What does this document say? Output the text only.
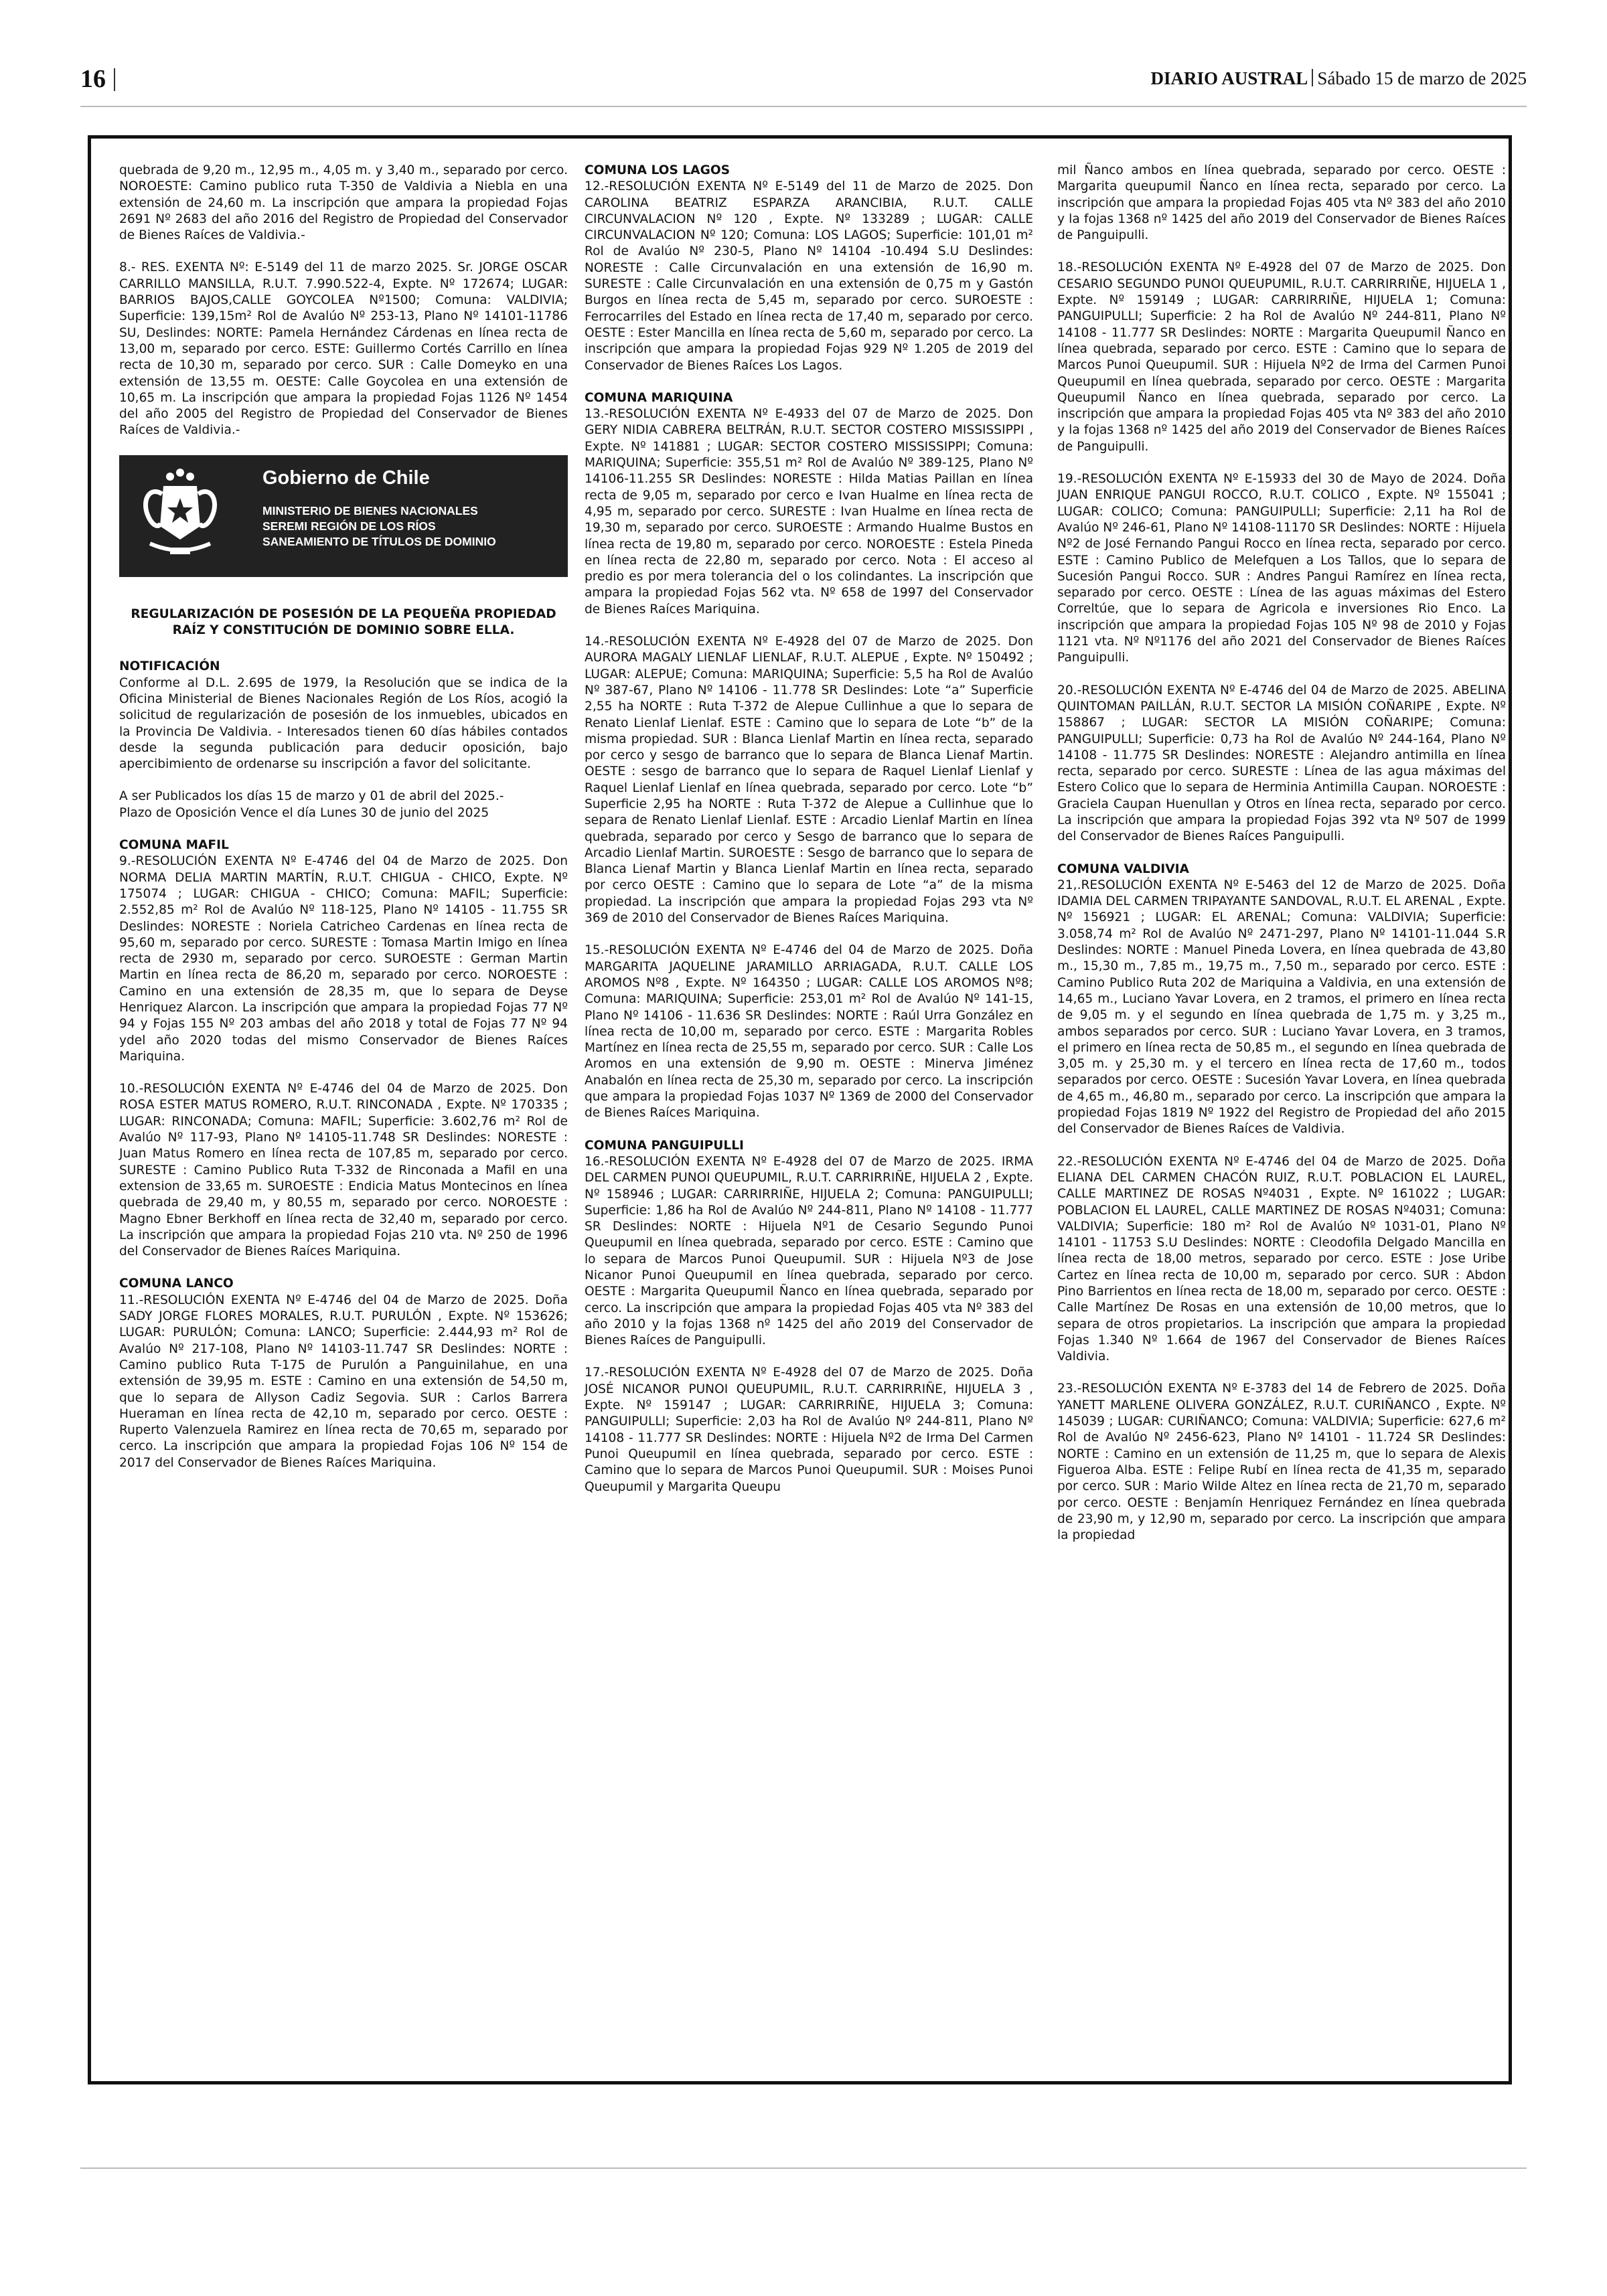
16	DIARIO AUSTRAL Sábado 15 de marzo de 2025

quebrada de 9,20 m., 12,95 m., 4,05 m. y 3,40 m., separado por cerco. NOROESTE: Camino publico ruta T-350 de Valdivia a Niebla en una extensión de 24,60 m. La inscripción que ampara la propiedad Fojas 2691 Nº 2683 del año 2016 del Registro de Propiedad del Conservador de Bienes Raíces de Valdivia.-

8.- RES. EXENTA Nº: E-5149 del 11 de marzo 2025. Sr. JORGE OSCAR CARRILLO MANSILLA, R.U.T. 7.990.522-4, Expte. Nº 172674; LUGAR: BARRIOS BAJOS,CALLE GOYCOLEA Nº1500; Comuna: VALDIVIA; Superficie: 139,15m² Rol de Avalúo Nº 253-13, Plano Nº 14101-11786 SU, Deslindes: NORTE: Pamela Hernández Cárdenas en línea recta de 13,00 m, separado por cerco. ESTE: Guillermo Cortés Carrillo en línea recta de 10,30 m, separado por cerco. SUR : Calle Domeyko en una extensión de 13,55 m. OESTE: Calle Goycolea en una extensión de 10,65 m. La inscripción que ampara la propiedad Fojas 1126 Nº 1454 del año 2005 del Registro de Propiedad del Conservador de Bienes Raíces de Valdivia.-

Gobierno de Chile
MINISTERIO DE BIENES NACIONALES
SEREMI REGIÓN DE LOS RÍOS
SANEAMIENTO DE TÍTULOS DE DOMINIO

REGULARIZACIÓN DE POSESIÓN DE LA PEQUEÑA PROPIEDAD RAÍZ Y CONSTITUCIÓN DE DOMINIO SOBRE ELLA.

NOTIFICACIÓN

Conforme al D.L. 2.695 de 1979, la Resolución que se indica de la Oficina Ministerial de Bienes Nacionales Región de Los Ríos, acogió la solicitud de regularización de posesión de los inmuebles, ubicados en la Provincia De Valdivia. - Interesados tienen 60 días hábiles contados desde la segunda publicación para deducir oposición, bajo apercibimiento de ordenarse su inscripción a favor del solicitante.

A ser Publicados los días 15 de marzo y 01 de abril del 2025.-

Plazo de Oposición Vence el día Lunes 30 de junio del 2025

COMUNA MAFIL

9.-RESOLUCIÓN EXENTA Nº E-4746 del 04 de Marzo de 2025. Don NORMA DELIA MARTIN MARTÍN, R.U.T. CHIGUA - CHICO, Expte. Nº 175074 ; LUGAR: CHIGUA - CHICO; Comuna: MAFIL; Superficie: 2.552,85 m² Rol de Avalúo Nº 118-125, Plano Nº 14105 - 11.755 SR Deslindes: NORESTE : Noriela Catricheo Cardenas en línea recta de 95,60 m, separado por cerco. SURESTE : Tomasa Martin Imigo en línea recta de 2930 m, separado por cerco. SUROESTE : German Martin Martin en línea recta de 86,20 m, separado por cerco. NOROESTE : Camino en una extensión de 28,35 m, que lo separa de Deyse Henriquez Alarcon. La inscripción que ampara la propiedad Fojas 77 Nº 94 y Fojas 155 Nº 203 ambas del año 2018 y total de Fojas 77 Nº 94 ydel año 2020 todas del mismo Conservador de Bienes Raíces Mariquina.

10.-RESOLUCIÓN EXENTA Nº E-4746 del 04 de Marzo de 2025. Don ROSA ESTER MATUS ROMERO, R.U.T. RINCONADA , Expte. Nº 170335 ; LUGAR: RINCONADA; Comuna: MAFIL; Superficie: 3.602,76 m² Rol de Avalúo Nº 117-93, Plano Nº 14105-11.748 SR Deslindes: NORESTE : Juan Matus Romero en línea recta de 107,85 m, separado por cerco. SURESTE : Camino Publico Ruta T-332 de Rinconada a Mafil en una extension de 33,65 m. SUROESTE : Endicia Matus Montecinos en línea quebrada de 29,40 m, y 80,55 m, separado por cerco. NOROESTE : Magno Ebner Berkhoff en línea recta de 32,40 m, separado por cerco. La inscripción que ampara la propiedad Fojas 210 vta. Nº 250 de 1996 del Conservador de Bienes Raíces Mariquina.

COMUNA LANCO

11.-RESOLUCIÓN EXENTA Nº E-4746 del 04 de Marzo de 2025. Doña SADY JORGE FLORES MORALES, R.U.T. PURULÓN , Expte. Nº 153626; LUGAR: PURULÓN; Comuna: LANCO; Superficie: 2.444,93 m² Rol de Avalúo Nº 217-108, Plano Nº 14103-11.747 SR Deslindes: NORTE : Camino publico Ruta T-175 de Purulón a Panguinilahue, en una extensión de 39,95 m. ESTE : Camino en una extensión de 54,50 m, que lo separa de Allyson Cadiz Segovia. SUR : Carlos Barrera Hueraman en línea recta de 42,10 m, separado por cerco. OESTE : Ruperto Valenzuela Ramirez en línea recta de 70,65 m, separado por cerco. La inscripción que ampara la propiedad Fojas 106 Nº 154 de 2017 del Conservador de Bienes Raíces Mariquina.

COMUNA LOS LAGOS

12.-RESOLUCIÓN EXENTA Nº E-5149 del 11 de Marzo de 2025. Don CAROLINA BEATRIZ ESPARZA ARANCIBIA, R.U.T. CALLE CIRCUNVALACION Nº 120 , Expte. Nº 133289 ; LUGAR: CALLE CIRCUNVALACION Nº 120; Comuna: LOS LAGOS; Superficie: 101,01 m² Rol de Avalúo Nº 230-5, Plano Nº 14104 -10.494 S.U Deslindes: NORESTE : Calle Circunvalación en una extensión de 16,90 m. SURESTE : Calle Circunvalación en una extensión de 0,75 m y Gastón Burgos en línea recta de 5,45 m, separado por cerco. SUROESTE : Ferrocarriles del Estado en línea recta de 17,40 m, separado por cerco. OESTE : Ester Mancilla en línea recta de 5,60 m, separado por cerco. La inscripción que ampara la propiedad Fojas 929 Nº 1.205 de 2019 del Conservador de Bienes Raíces Los Lagos.

COMUNA MARIQUINA

13.-RESOLUCIÓN EXENTA Nº E-4933 del 07 de Marzo de 2025. Don GERY NIDIA CABRERA BELTRÁN, R.U.T. SECTOR COSTERO MISSISSIPPI , Expte. Nº 141881 ; LUGAR: SECTOR COSTERO MISSISSIPPI; Comuna: MARIQUINA; Superficie: 355,51 m² Rol de Avalúo Nº 389-125, Plano Nº 14106-11.255 SR Deslindes: NORESTE : Hilda Matias Paillan en línea recta de 9,05 m, separado por cerco e Ivan Hualme en línea recta de 4,95 m, separado por cerco. SURESTE : Ivan Hualme en línea recta de 19,30 m, separado por cerco. SUROESTE : Armando Hualme Bustos en línea recta de 19,80 m, separado por cerco. NOROESTE : Estela Pineda en línea recta de 22,80 m, separado por cerco. Nota : El acceso al predio es por mera tolerancia del o los colindantes. La inscripción que ampara la propiedad Fojas 562 vta. Nº 658 de 1997 del Conservador de Bienes Raíces Mariquina.

14.-RESOLUCIÓN EXENTA Nº E-4928 del 07 de Marzo de 2025. Don AURORA MAGALY LIENLAF LIENLAF, R.U.T. ALEPUE , Expte. Nº 150492 ; LUGAR: ALEPUE; Comuna: MARIQUINA; Superficie: 5,5 ha Rol de Avalúo Nº 387-67, Plano Nº 14106 - 11.778 SR Deslindes: Lote “a” Superficie 2,55 ha NORTE : Ruta T-372 de Alepue Cullinhue a que lo separa de Renato Lienlaf Lienlaf. ESTE : Camino que lo separa de Lote “b” de la misma propiedad. SUR : Blanca Lienlaf Martin en línea recta, separado por cerco y sesgo de barranco que lo separa de Blanca Lienaf Martin. OESTE : sesgo de barranco que lo separa de Raquel Lienlaf Lienlaf y Raquel Lienlaf Lienlaf en línea quebrada, separado por cerco. Lote “b” Superficie 2,95 ha NORTE : Ruta T-372 de Alepue a Cullinhue que lo separa de Renato Lienlaf Lienlaf. ESTE : Arcadio Lienlaf Martin en línea quebrada, separado por cerco y Sesgo de barranco que lo separa de Arcadio Lienlaf Martin. SUROESTE : Sesgo de barranco que lo separa de Blanca Lienaf Martin y Blanca Lienlaf Martin en línea recta, separado por cerco OESTE : Camino que lo separa de Lote “a” de la misma propiedad. La inscripción que ampara la propiedad Fojas 293 vta Nº 369 de 2010 del Conservador de Bienes Raíces Mariquina.

15.-RESOLUCIÓN EXENTA Nº E-4746 del 04 de Marzo de 2025. Doña MARGARITA JAQUELINE JARAMILLO ARRIAGADA, R.U.T. CALLE LOS AROMOS Nº8 , Expte. Nº 164350 ; LUGAR: CALLE LOS AROMOS Nº8; Comuna: MARIQUINA; Superficie: 253,01 m² Rol de Avalúo Nº 141-15, Plano Nº 14106 - 11.636 SR Deslindes: NORTE : Raúl Urra González en línea recta de 10,00 m, separado por cerco. ESTE : Margarita Robles Martínez en línea recta de 25,55 m, separado por cerco. SUR : Calle Los Aromos en una extensión de 9,90 m. OESTE : Minerva Jiménez Anabalón en línea recta de 25,30 m, separado por cerco. La inscripción que ampara la propiedad Fojas 1037 Nº 1369 de 2000 del Conservador de Bienes Raíces Mariquina.

COMUNA PANGUIPULLI

16.-RESOLUCIÓN EXENTA Nº E-4928 del 07 de Marzo de 2025. IRMA DEL CARMEN PUNOI QUEUPUMIL, R.U.T. CARRIRRIÑE, HIJUELA 2 , Expte. Nº 158946 ; LUGAR: CARRIRRIÑE, HIJUELA 2; Comuna: PANGUIPULLI; Superficie: 1,86 ha Rol de Avalúo Nº 244-811, Plano Nº 14108 - 11.777 SR Deslindes: NORTE : Hijuela Nº1 de Cesario Segundo Punoi Queupumil en línea quebrada, separado por cerco. ESTE : Camino que lo separa de Marcos Punoi Queupumil. SUR : Hijuela Nº3 de Jose Nicanor Punoi Queupumil en línea quebrada, separado por cerco. OESTE : Margarita Queupumil Ñanco en línea quebrada, separado por cerco. La inscripción que ampara la propiedad Fojas 405 vta Nº 383 del año 2010 y la fojas 1368 nº 1425 del año 2019 del Conservador de Bienes Raíces de Panguipulli.

17.-RESOLUCIÓN EXENTA Nº E-4928 del 07 de Marzo de 2025. Doña JOSÉ NICANOR PUNOI QUEUPUMIL, R.U.T. CARRIRRIÑE, HIJUELA 3 , Expte. Nº 159147 ; LUGAR: CARRIRRIÑE, HIJUELA 3; Comuna: PANGUIPULLI; Superficie: 2,03 ha Rol de Avalúo Nº 244-811, Plano Nº 14108 - 11.777 SR Deslindes: NORTE : Hijuela Nº2 de Irma Del Carmen Punoi Queupumil en línea quebrada, separado por cerco. ESTE : Camino que lo separa de Marcos Punoi Queupumil. SUR : Moises Punoi Queupumil y Margarita Queupu

mil Ñanco ambos en línea quebrada, separado por cerco. OESTE : Margarita queupumil Ñanco en línea recta, separado por cerco. La inscripción que ampara la propiedad Fojas 405 vta Nº 383 del año 2010 y la fojas 1368 nº 1425 del año 2019 del Conservador de Bienes Raíces de Panguipulli.

18.-RESOLUCIÓN EXENTA Nº E-4928 del 07 de Marzo de 2025. Don CESARIO SEGUNDO PUNOI QUEUPUMIL, R.U.T. CARRIRRIÑE, HIJUELA 1 , Expte. Nº 159149 ; LUGAR: CARRIRRIÑE, HIJUELA 1; Comuna: PANGUIPULLI; Superficie: 2 ha Rol de Avalúo Nº 244-811, Plano Nº 14108 - 11.777 SR Deslindes: NORTE : Margarita Queupumil Ñanco en línea quebrada, separado por cerco. ESTE : Camino que lo separa de Marcos Punoi Queupumil. SUR : Hijuela Nº2 de Irma del Carmen Punoi Queupumil en línea quebrada, separado por cerco. OESTE : Margarita Queupumil Ñanco en línea quebrada, separado por cerco. La inscripción que ampara la propiedad Fojas 405 vta Nº 383 del año 2010 y la fojas 1368 nº 1425 del año 2019 del Conservador de Bienes Raíces de Panguipulli.

19.-RESOLUCIÓN EXENTA Nº E-15933 del 30 de Mayo de 2024. Doña JUAN ENRIQUE PANGUI ROCCO, R.U.T. COLICO , Expte. Nº 155041 ; LUGAR: COLICO; Comuna: PANGUIPULLI; Superficie: 2,11 ha Rol de Avalúo Nº 246-61, Plano Nº 14108-11170 SR Deslindes: NORTE : Hijuela Nº2 de José Fernando Pangui Rocco en línea recta, separado por cerco. ESTE : Camino Publico de Melefquen a Los Tallos, que lo separa de Sucesión Pangui Rocco. SUR : Andres Pangui Ramírez en línea recta, separado por cerco. OESTE : Línea de las aguas máximas del Estero Correltúe, que lo separa de Agricola e inversiones Rio Enco. La inscripción que ampara la propiedad Fojas 105 Nº 98 de 2010 y Fojas 1121 vta. Nº Nº1176 del año 2021 del Conservador de Bienes Raíces Panguipulli.

20.-RESOLUCIÓN EXENTA Nº E-4746 del 04 de Marzo de 2025. ABELINA QUINTOMAN PAILLÁN, R.U.T. SECTOR LA MISIÓN COÑARIPE , Expte. Nº 158867 ; LUGAR: SECTOR LA MISIÓN COÑARIPE; Comuna: PANGUIPULLI; Superficie: 0,73 ha Rol de Avalúo Nº 244-164, Plano Nº 14108 - 11.775 SR Deslindes: NORESTE : Alejandro antimilla en línea recta, separado por cerco. SURESTE : Línea de las agua máximas del Estero Colico que lo separa de Herminia Antimilla Caupan. NOROESTE : Graciela Caupan Huenullan y Otros en línea recta, separado por cerco. La inscripción que ampara la propiedad Fojas 392 vta Nº 507 de 1999 del Conservador de Bienes Raíces Panguipulli.

COMUNA VALDIVIA

21,.RESOLUCIÓN EXENTA Nº E-5463 del 12 de Marzo de 2025. Doña IDAMIA DEL CARMEN TRIPAYANTE SANDOVAL, R.U.T. EL ARENAL , Expte. Nº 156921 ; LUGAR: EL ARENAL; Comuna: VALDIVIA; Superficie: 3.058,74 m² Rol de Avalúo Nº 2471-297, Plano Nº 14101-11.044 S.R Deslindes: NORTE : Manuel Pineda Lovera, en línea quebrada de 43,80 m., 15,30 m., 7,85 m., 19,75 m., 7,50 m., separado por cerco. ESTE : Camino Publico Ruta 202 de Mariquina a Valdivia, en una extensión de 14,65 m., Luciano Yavar Lovera, en 2 tramos, el primero en línea recta de 9,05 m. y el segundo en línea quebrada de 1,75 m. y 3,25 m., ambos separados por cerco. SUR : Luciano Yavar Lovera, en 3 tramos, el primero en línea recta de 50,85 m., el segundo en línea quebrada de 3,05 m. y 25,30 m. y el tercero en línea recta de 17,60 m., todos separados por cerco. OESTE : Sucesión Yavar Lovera, en línea quebrada de 4,65 m., 46,80 m., separado por cerco. La inscripción que ampara la propiedad Fojas 1819 Nº 1922 del Registro de Propiedad del año 2015 del Conservador de Bienes Raíces de Valdivia.

22.-RESOLUCIÓN EXENTA Nº E-4746 del 04 de Marzo de 2025. Doña ELIANA DEL CARMEN CHACÓN RUIZ, R.U.T. POBLACION EL LAUREL, CALLE MARTINEZ DE ROSAS Nº4031 , Expte. Nº 161022 ; LUGAR: POBLACION EL LAUREL, CALLE MARTINEZ DE ROSAS Nº4031; Comuna: VALDIVIA; Superficie: 180 m² Rol de Avalúo Nº 1031-01, Plano Nº 14101 - 11753 S.U Deslindes: NORTE : Cleodofila Delgado Mancilla en línea recta de 18,00 metros, separado por cerco. ESTE : Jose Uribe Cartez en línea recta de 10,00 m, separado por cerco. SUR : Abdon Pino Barrientos en línea recta de 18,00 m, separado por cerco. OESTE : Calle Martínez De Rosas en una extensión de 10,00 metros, que lo separa de otros propietarios. La inscripción que ampara la propiedad Fojas 1.340 Nº 1.664 de 1967 del Conservador de Bienes Raíces Valdivia.

23.-RESOLUCIÓN EXENTA Nº E-3783 del 14 de Febrero de 2025. Doña YANETT MARLENE OLIVERA GONZÁLEZ, R.U.T. CURIÑANCO , Expte. Nº 145039 ; LUGAR: CURIÑANCO; Comuna: VALDIVIA; Superficie: 627,6 m² Rol de Avalúo Nº 2456-623, Plano Nº 14101 - 11.724 SR Deslindes: NORTE : Camino en un extensión de 11,25 m, que lo separa de Alexis Figueroa Alba. ESTE : Felipe Rubí en línea recta de 41,35 m, separado por cerco. SUR : Mario Wilde Altez en línea recta de 21,70 m, separado por cerco. OESTE : Benjamín Henriquez Fernández en línea quebrada de 23,90 m, y 12,90 m, separado por cerco. La inscripción que ampara la propiedad
